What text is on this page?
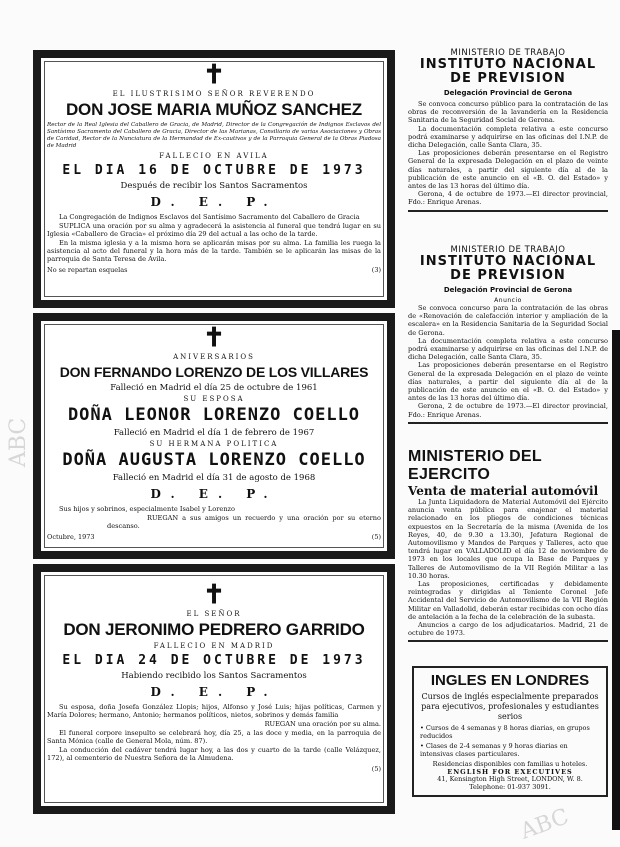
ABC
ABC
✝
EL ILUSTRISIMO SEÑOR REVERENDO
DON JOSE MARIA MUÑOZ SANCHEZ
Rector de la Real Iglesia del Caballero de Gracia, de Madrid, Director de la Congregación de Indignos Esclavos del Santísimo Sacramento del Caballero de Gracia, Director de las Marianas, Consiliario de varias Asociaciones y Obras de Caridad, Rector de la Nunciatura de la Hermandad de Ex-cautivos y de la Parroquia General de la Obras Piadosa de Madrid
FALLECIO EN AVILA
EL DIA 16 DE OCTUBRE DE 1973
Después de recibir los Santos Sacramentos
D. E. P.

La Congregación de Indignos Esclavos del Santísimo Sacramento del Caballero de Gracia

SUPLICA una oración por su alma y agradecerá la asistencia al funeral que tendrá lugar en su Iglesia «Caballero de Gracia» el próximo día 29 del actual a las ocho de la tarde.

En la misma iglesia y a la misma hora se aplicarán misas por su alma. La familia les ruega la asistencia al acto del funeral y la hora más de la tarde. También se le aplicarán las misas de la parroquia de Santa Teresa de Avila.

No se repartan esquelas	(3)
✝
ANIVERSARIOS
DON FERNANDO LORENZO DE LOS VILLARES
Falleció en Madrid el día 25 de octubre de 1961
SU ESPOSA
DOÑA LEONOR LORENZO COELLO
Falleció en Madrid el día 1 de febrero de 1967
SU HERMANA POLITICA
DOÑA AUGUSTA LORENZO COELLO
Falleció en Madrid el día 31 de agosto de 1968
D. E. P.

Sus hijos y sobrinos, especialmente Isabel y Lorenzo

RUEGAN a sus amigos un recuerdo y una oración por su eterno descanso.

Octubre, 1973	(5)
✝
EL SEÑOR
DON JERONIMO PEDRERO GARRIDO
FALLECIO EN MADRID
EL DIA 24 DE OCTUBRE DE 1973
Habiendo recibido los Santos Sacramentos
D. E. P.

Su esposa, doña Josefa González Llopis; hijos, Alfonso y José Luis; hijas políticas, Carmen y María Dolores; hermano, Antonio; hermanos políticos, nietos, sobrinos y demás familia

RUEGAN una oración por su alma.

El funeral corpore insepulto se celebrará hoy, día 25, a las doce y media, en la parroquia de Santa Mónica (calle de General Mola, núm. 87).

La conducción del cadáver tendrá lugar hoy, a las dos y cuarto de la tarde (calle Velázquez, 172), al cementerio de Nuestra Señora de la Almudena.

(5)
MINISTERIO DE TRABAJO
INSTITUTO NACIONAL DE PREVISION
Delegación Provincial de Gerona

Se convoca concurso público para la contratación de las obras de reconversión de la lavandería en la Residencia Sanitaria de la Seguridad Social de Gerona.

La documentación completa relativa a este concurso podrá examinarse y adquirirse en las oficinas del I.N.P. de dicha Delegación, calle Santa Clara, 35.

Las proposiciones deberán presentarse en el Registro General de la expresada Delegación en el plazo de veinte días naturales, a partir del siguiente día al de la publicación de este anuncio en el «B. O. del Estado» y antes de las 13 horas del último día.

Gerona, 4 de octubre de 1973.—El director provincial, Fdo.: Enrique Arenas.

MINISTERIO DE TRABAJO
INSTITUTO NACIONAL DE PREVISION
Delegación Provincial de Gerona
Anuncio

Se convoca concurso para la contratación de las obras de «Renovación de calefacción interior y ampliación de la escalera» en la Residencia Sanitaria de la Seguridad Social de Gerona.

La documentación completa relativa a este concurso podrá examinarse y adquirirse en las oficinas del I.N.P. de dicha Delegación, calle Santa Clara, 35.

Las proposiciones deberán presentarse en el Registro General de la expresada Delegación en el plazo de veinte días naturales, a partir del siguiente día al de la publicación de este anuncio en el «B. O. del Estado» y antes de las 13 horas del último día.

Gerona, 2 de octubre de 1973.—El director provincial, Fdo.: Enrique Arenas.

MINISTERIO DEL EJERCITO
Venta de material automóvil

La Junta Liquidadora de Material Automóvil del Ejército anuncia venta pública para enajenar el material relacionado en los pliegos de condiciones técnicas expuestos en la Secretaría de la misma (Avenida de los Reyes, 40, de 9.30 a 13.30), Jefatura Regional de Automovilismo y Mandos de Parques y Talleres, acto que tendrá lugar en VALLADOLID el día 12 de noviembre de 1973 en los locales que ocupa la Base de Parques y Talleres de Automovilismo de la VII Región Militar a las 10.30 horas.

Las proposiciones, certificadas y debidamente reintegradas y dirigidas al Teniente Coronel Jefe Accidental del Servicio de Automovilismo de la VII Región Militar en Valladolid, deberán estar recibidas con ocho días de antelación a la fecha de la celebración de la subasta.

Anuncios a cargo de los adjudicatarios. Madrid, 21 de octubre de 1973.

INGLES EN LONDRES
Cursos de inglés especialmente preparados para ejecutivos, profesionales y estudiantes serios
• Cursos de 4 semanas y 8 horas diarias, en grupos reducidos
• Clases de 2-4 semanas y 9 horas diarias en intensivas clases particulares.
Residencias disponibles con familias u hoteles.
ENGLISH FOR EXECUTIVES
41, Kensington High Street, LONDON, W. 8. Telephone: 01-937 3091.
